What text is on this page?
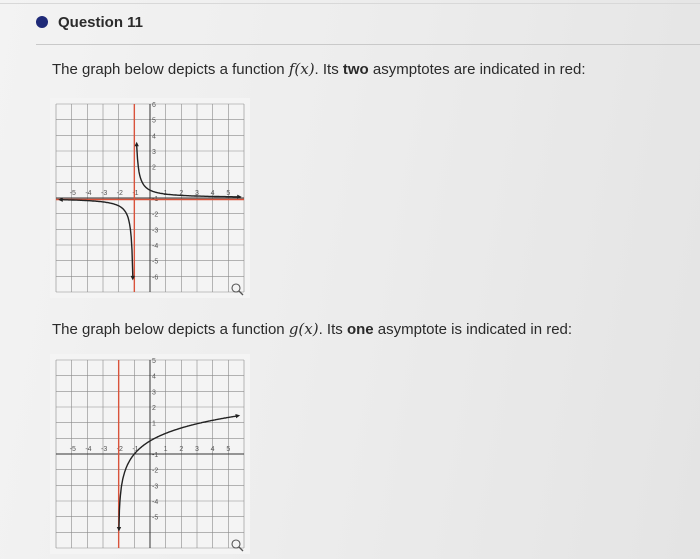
Question 11
The graph below depicts a function f(x). Its two asymptotes are indicated in red:
-5 -4 -3 -2 -1	1 2 3 4 5
6
5
4
3
2
-1
-2
-3
-4
-5
-6
The graph below depicts a function g(x). Its one asymptote is indicated in red:
-5 -4 -3 -2 -1	1 2 3 4 5
5
4
3
2
1
-1
-2
-3
-4
-5
